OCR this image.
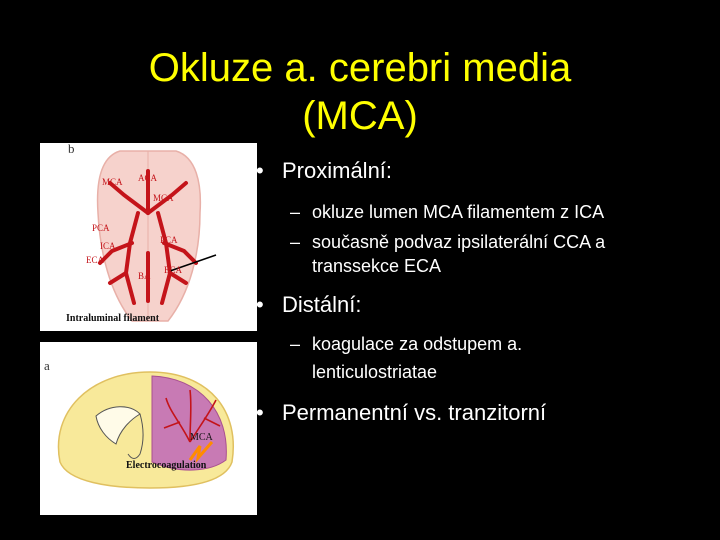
Okluze a. cerebri media
(MCA)
b
MCA ACA
MCA
PCA
PCA
ICA
ECA
BA
ECA
Intraluminal filament
a
MCA
Electrocoagulation

• Proximální:

– okluze lumen MCA filamentem z ICA

– současně podvaz ipsilaterální CCA a

transsekce ECA

• Distální:

– koagulace za odstupem a.

lenticulostriatae

• Permanentní vs. tranzitorní
